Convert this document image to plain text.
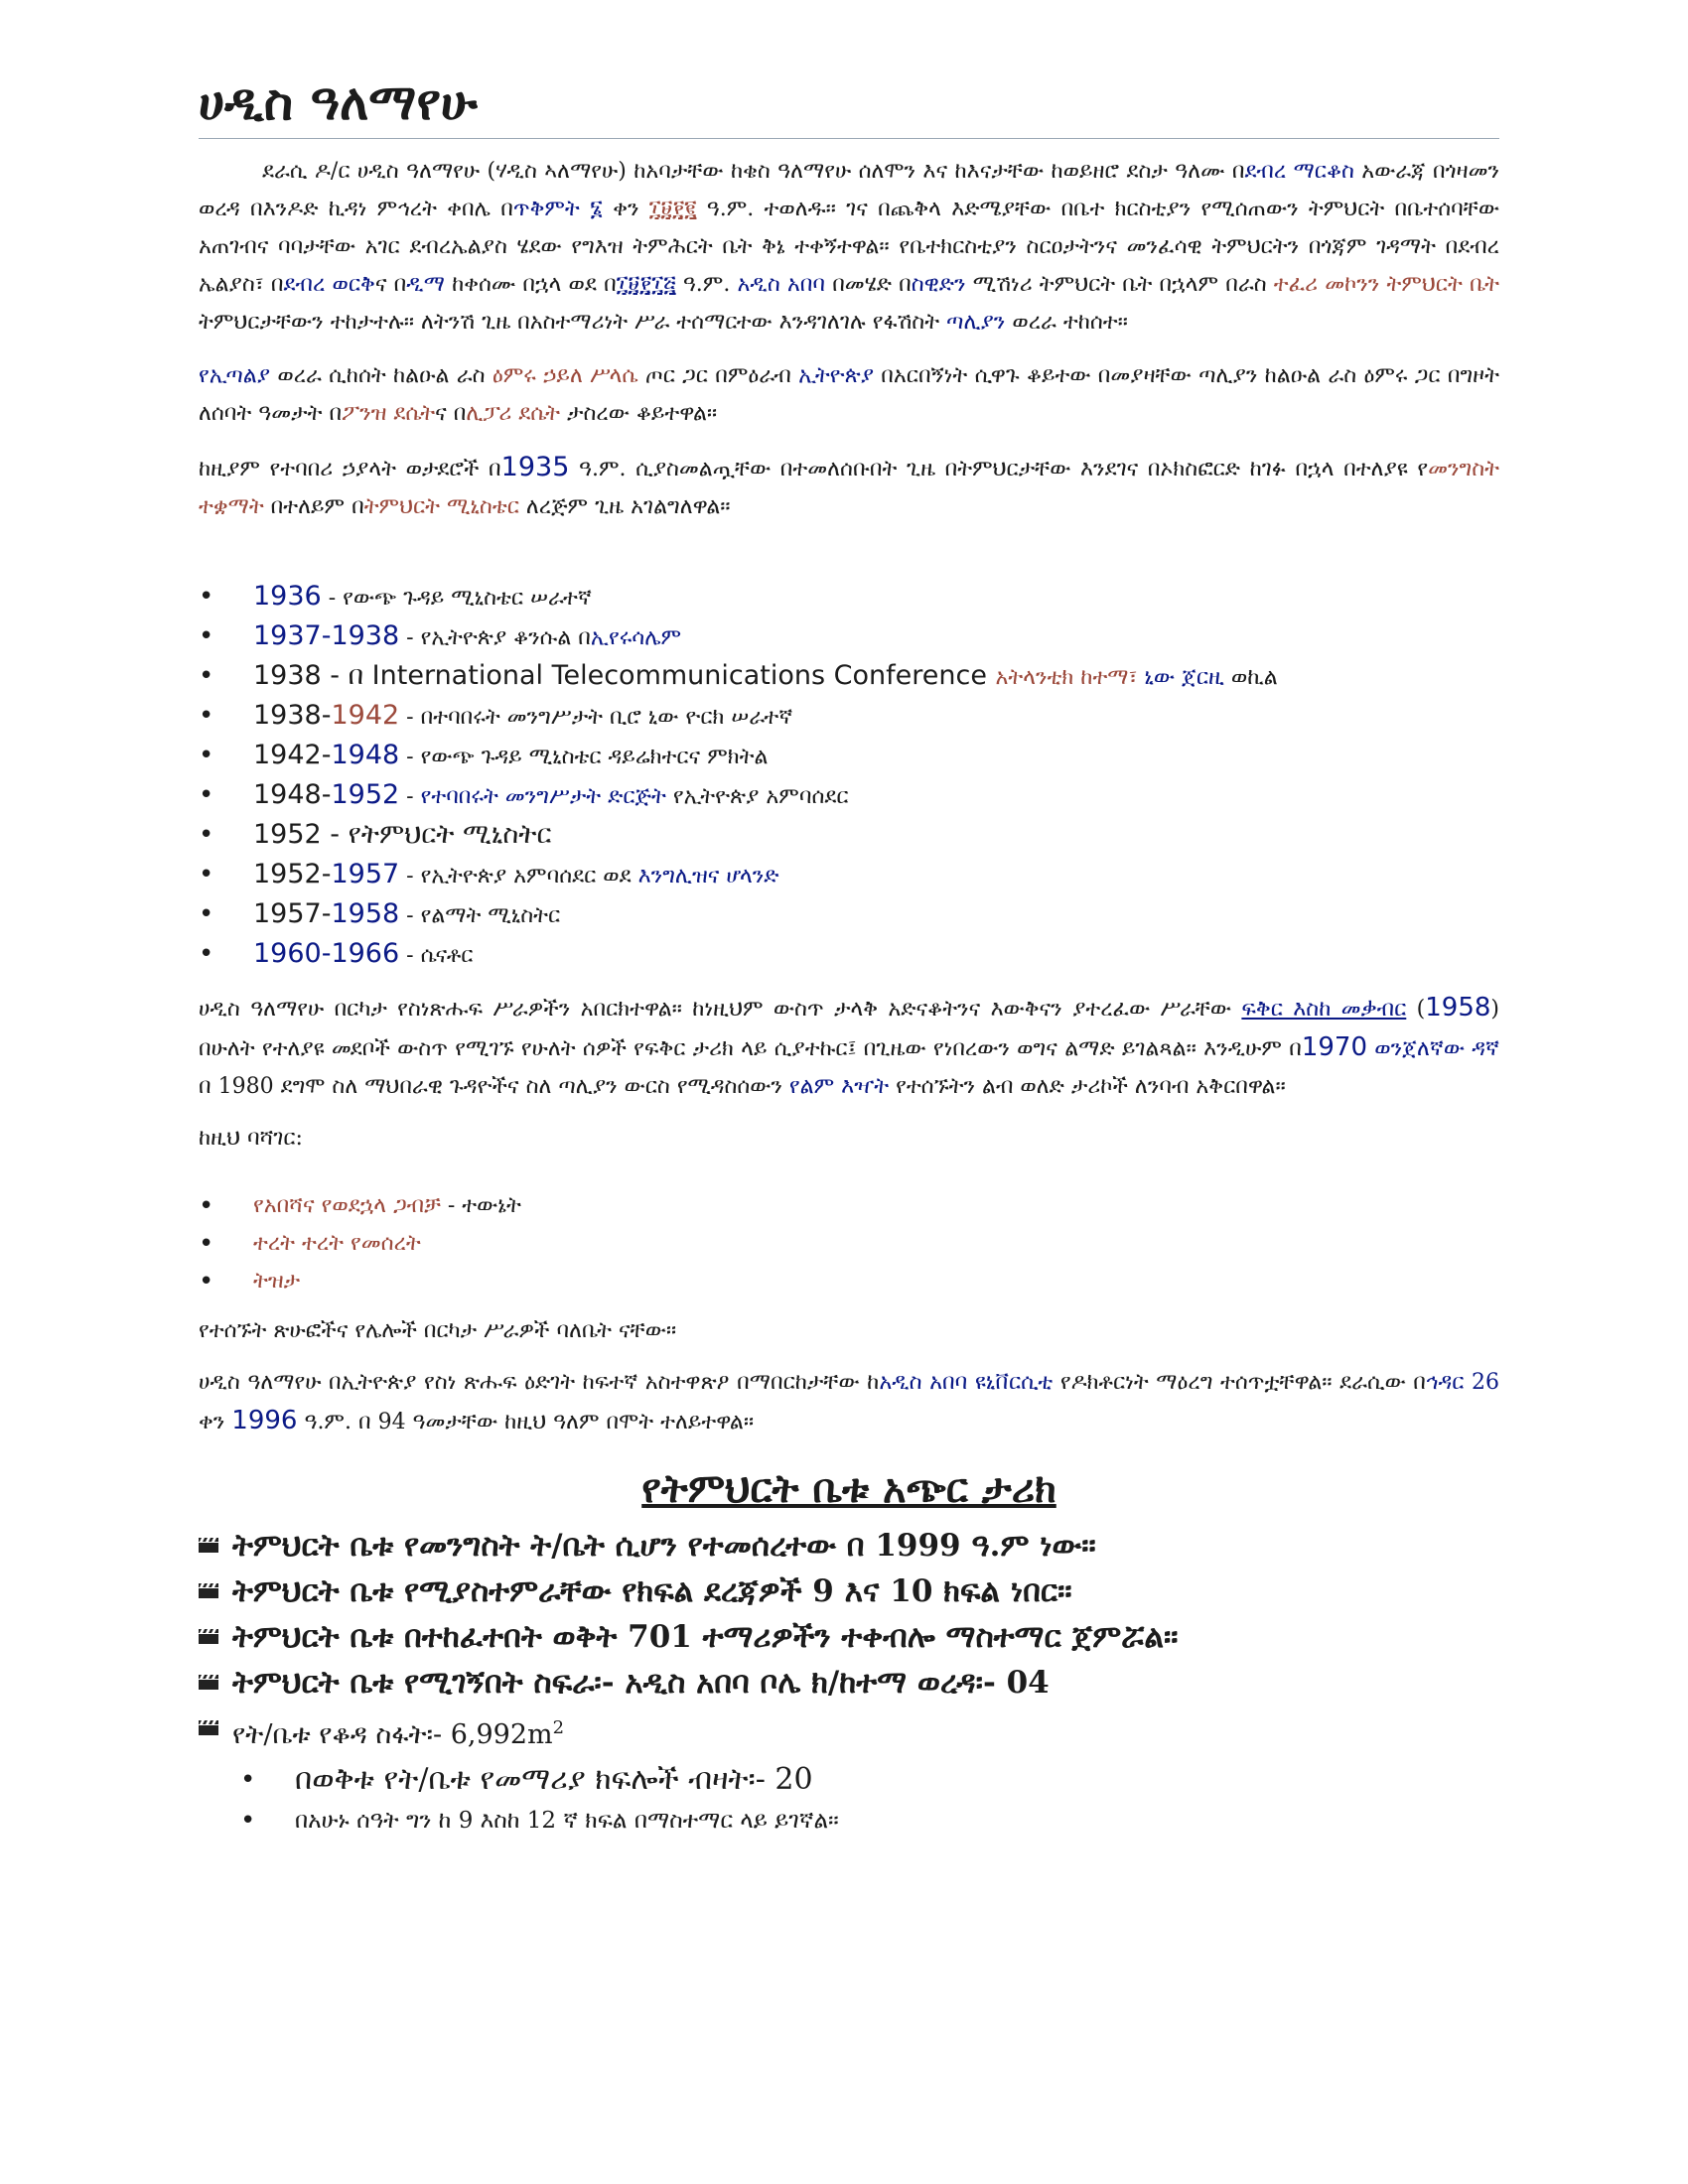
ሀዲስ ዓለማየሁ

ደራሲ ዶ/ር ሀዲስ ዓለማየሁ (ሃዲስ ኣለማየሁ) ከአባታቸው ከቄስ ዓለማየሁ ሰለሞን እና ከእናታቸው ከወይዘሮ ደስታ ዓለሙ በደብረ ማርቆስ አውራጃ በጎዛመን ወረዳ በእንዶድ ኪዳነ ምኅረት ቀበሌ በጥቅምት ፮ ቀን ፲፱፻፪ ዓ.ም. ተወለዱ። ገና በጨቅላ እድሜያቸው በቤተ ክርስቲያን የሚሰጠውን ትምህርት በቤተሰባቸው አጠገብና ባባታቸው አገር ደብረኤልያስ ሄደው የግእዝ ትምሕርት ቤት ቅኔ ተቀኝተዋል። የቤተክርስቲያን ስርዐታትንና መንፈሳዊ ትምህርትን በጎጃም ገዳማት በደብረ ኤልያስ፣ በደብረ ወርቅና በዲማ ከቀሰሙ በኋላ ወደ በ፲፱፻፲፭ ዓ.ም. አዲስ አበባ በመሄድ በስዊድን ሚሽነሪ ትምህርት ቤት በኋላም በራስ ተፈሪ መኮንን ትምህርት ቤት ትምህርታቸውን ተከታተሉ። ለትንሽ ጊዜ በአስተማሪነት ሥራ ተሰማርተው እንዳገለገሉ የፋሽስት ጣሊያን ወረራ ተከሰተ።

የኢጣልያ ወረራ ሲከሰት ከልዑል ራስ ዕምሩ ኃይለ ሥላሴ ጦር ጋር በምዕራብ ኢትዮጵያ በአርበኝነት ሲዋጉ ቆይተው በመያዛቸው ጣሊያን ከልዑል ራስ ዕምሩ ጋር በግዞት ለሰባት ዓመታት በፖንዝ ደሴትና በሊፓሪ ደሴት ታስረው ቆይተዋል።

ከዚያም የተባበሪ ኃያላት ወታደሮች በ1935 ዓ.ም. ሲያስመልጧቸው በተመለሰቡበት ጊዜ በትምህርታቸው እንደገና በኦክስፎርድ ከገፉ በኋላ በተለያዩ የመንግስት ተቋማት በተለይም በትምህርት ሚኒስቴር ለረጅም ጊዜ አገልግለዋል።

• 1936 - የውጭ ጉዳይ ሚኒስቴር ሠራተኛ
• 1937-1938 - የኢትዮጵያ ቆንሱል በኢየሩሳሌም
• 1938 - በ International Telecommunications Conference አትላንቲክ ከተማ፣ ኒው ጀርዚ ወኪል
• 1938-1942 - በተባበሩት መንግሥታት ቢሮ ኒው ዮርክ ሠራተኛ
• 1942-1948 - የውጭ ጉዳይ ሚኒስቴር ዳይሬክተርና ምክትል
• 1948-1952 - የተባበሩት መንግሥታት ድርጅት የኢትዮጵያ አምባሰደር
• 1952 - የትምህርት ሚኒስትር
• 1952-1957 - የኢትዮጵያ አምባሰደር ወደ እንግሊዝና ሆላንድ
• 1957-1958 - የልማት ሚኒስትር
• 1960-1966 - ሴናቶር

ሀዲስ ዓለማየሁ በርካታ የስነጽሑፍ ሥራዎችን አበርክተዋል። ከነዚህም ውስጥ ታላቅ አድናቆትንና እውቅናን ያተረፈው ሥራቸው ፍቅር እስከ መቃብር (1958) በሁለት የተለያዩ መደቦች ውስጥ የሚገኙ የሁለት ሰዎች የፍቅር ታሪክ ላይ ሲያተኩር፤ በጊዜው የነበረውን ወግና ልማድ ይገልጻል። እንዲሁም በ1970 ወንጀለኛው ዳኛ በ 1980 ደግሞ ስለ ማህበራዊ ጉዳዮችና ስለ ጣሊያን ውርስ የሚዳስሰውን የልም እዣት የተሰኙትን ልብ ወለድ ታሪኮች ለንባብ አቅርበዋል።

ከዚህ ባሻገር:

• የአበሻና የወደኋላ ጋብቻ - ተውኔት
• ተረት ተረት የመሰረት
• ትዝታ

የተሰኙት ጽሁፎችና የሌሎች በርካታ ሥራዎች ባለቤት ናቸው።

ሀዲስ ዓለማየሁ በኢትዮጵያ የስነ ጽሑፍ ዕድገት ከፍተኛ አስተዋጽዖ በማበርከታቸው ከአዲስ አበባ ዩኒቨርሲቲ የዶክቶርነት ማዕረግ ተሰጥቷቸዋል። ደራሲው በኅዳር 26 ቀን 1996 ዓ.ም. በ 94 ዓመታቸው ከዚህ ዓለም በሞት ተለይተዋል።

የትምህርት ቤቱ አጭር ታሪክ
ትምህርት ቤቱ የመንግስት ት/ቤት ሲሆን የተመሰረተው በ 1999 ዓ.ም ነው።
ትምህርት ቤቱ የሚያስተምራቸው የክፍል ደረጃዎች 9 እና 10 ክፍል ነበር።
ትምህርት ቤቱ በተከፈተበት ወቅት 701 ተማሪዎችን ተቀብሎ ማስተማር ጀምሯል።
ትምህርት ቤቱ የሚገኝበት ስፍራ፡- አዲስ አበባ ቦሌ ክ/ከተማ ወረዳ፡- 04
የት/ቤቱ የቆዳ ስፋት፡- $6,992m^2$
• በወቅቱ የት/ቤቱ የመማሪያ ክፍሎች ብዛት፡- 20
• በአሁኑ ሰዓት ግን ከ 9 እስከ 12 ኛ ክፍል በማስተማር ላይ ይገኛል።
